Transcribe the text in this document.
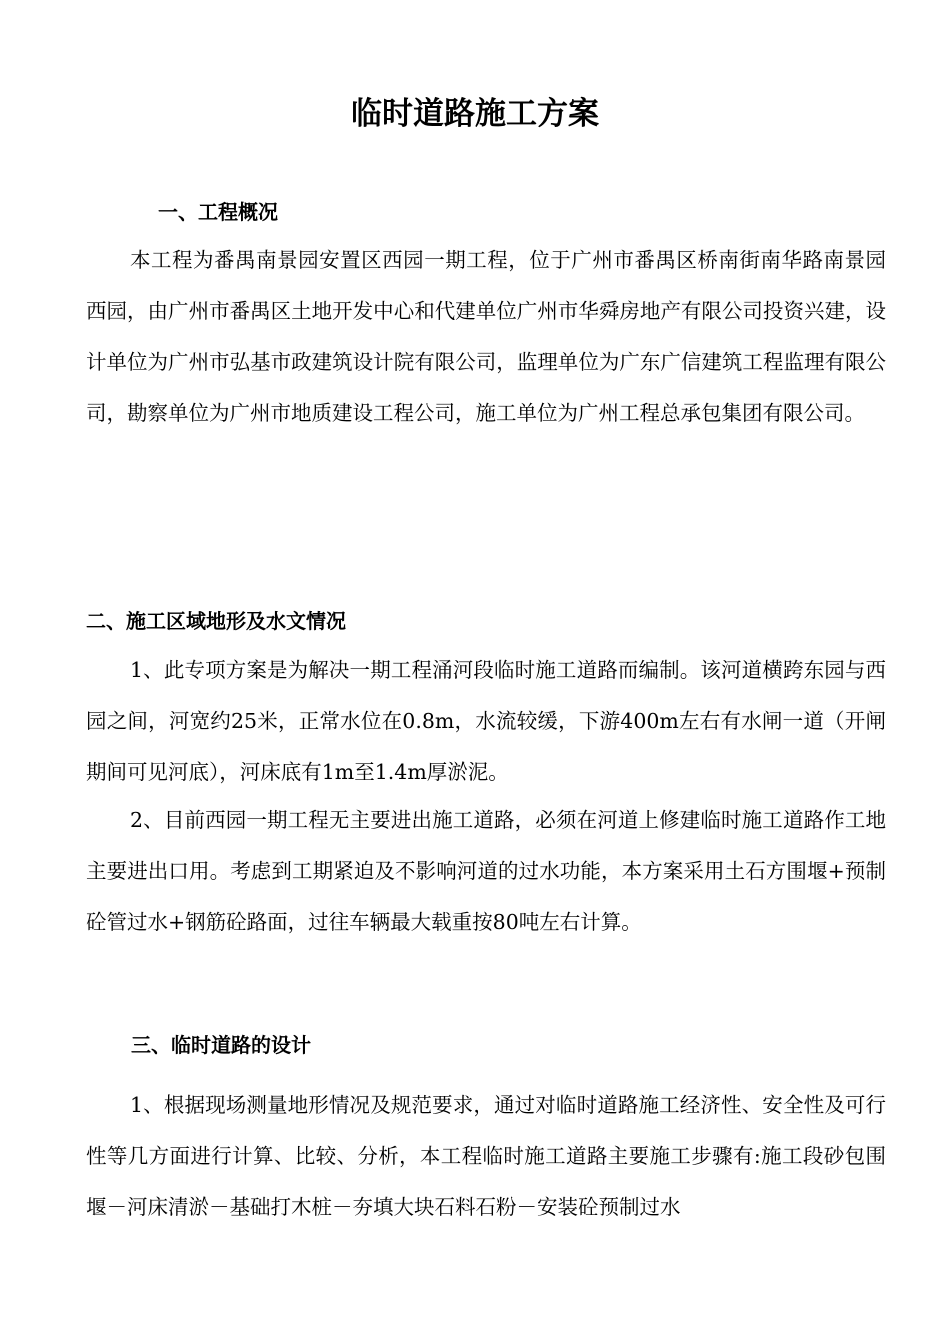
临时道路施工方案
一、工程概况
本工程为番禺南景园安置区西园一期工程，位于广州市番禺区桥南街南华路南景园西园，由广州市番禺区土地开发中心和代建单位广州市华舜房地产有限公司投资兴建，设计单位为广州市弘基市政建筑设计院有限公司，监理单位为广东广信建筑工程监理有限公司，勘察单位为广州市地质建设工程公司，施工单位为广州工程总承包集团有限公司。
二、施工区域地形及水文情况
1、此专项方案是为解决一期工程涌河段临时施工道路而编制。该河道横跨东园与西园之间，河宽约25米，正常水位在0.8m，水流较缓，下游400m左右有水闸一道（开闸期间可见河底），河床底有1m至1.4m厚淤泥。
2、目前西园一期工程无主要进出施工道路，必须在河道上修建临时施工道路作工地主要进出口用。考虑到工期紧迫及不影响河道的过水功能，本方案采用土石方围堰+预制砼管过水+钢筋砼路面，过往车辆最大载重按80吨左右计算。
三、临时道路的设计
1、根据现场测量地形情况及规范要求，通过对临时道路施工经济性、安全性及可行性等几方面进行计算、比较、分析，本工程临时施工道路主要施工步骤有:施工段砂包围堰－河床清淤－基础打木桩－夯填大块石料石粉－安装砼预制过水
